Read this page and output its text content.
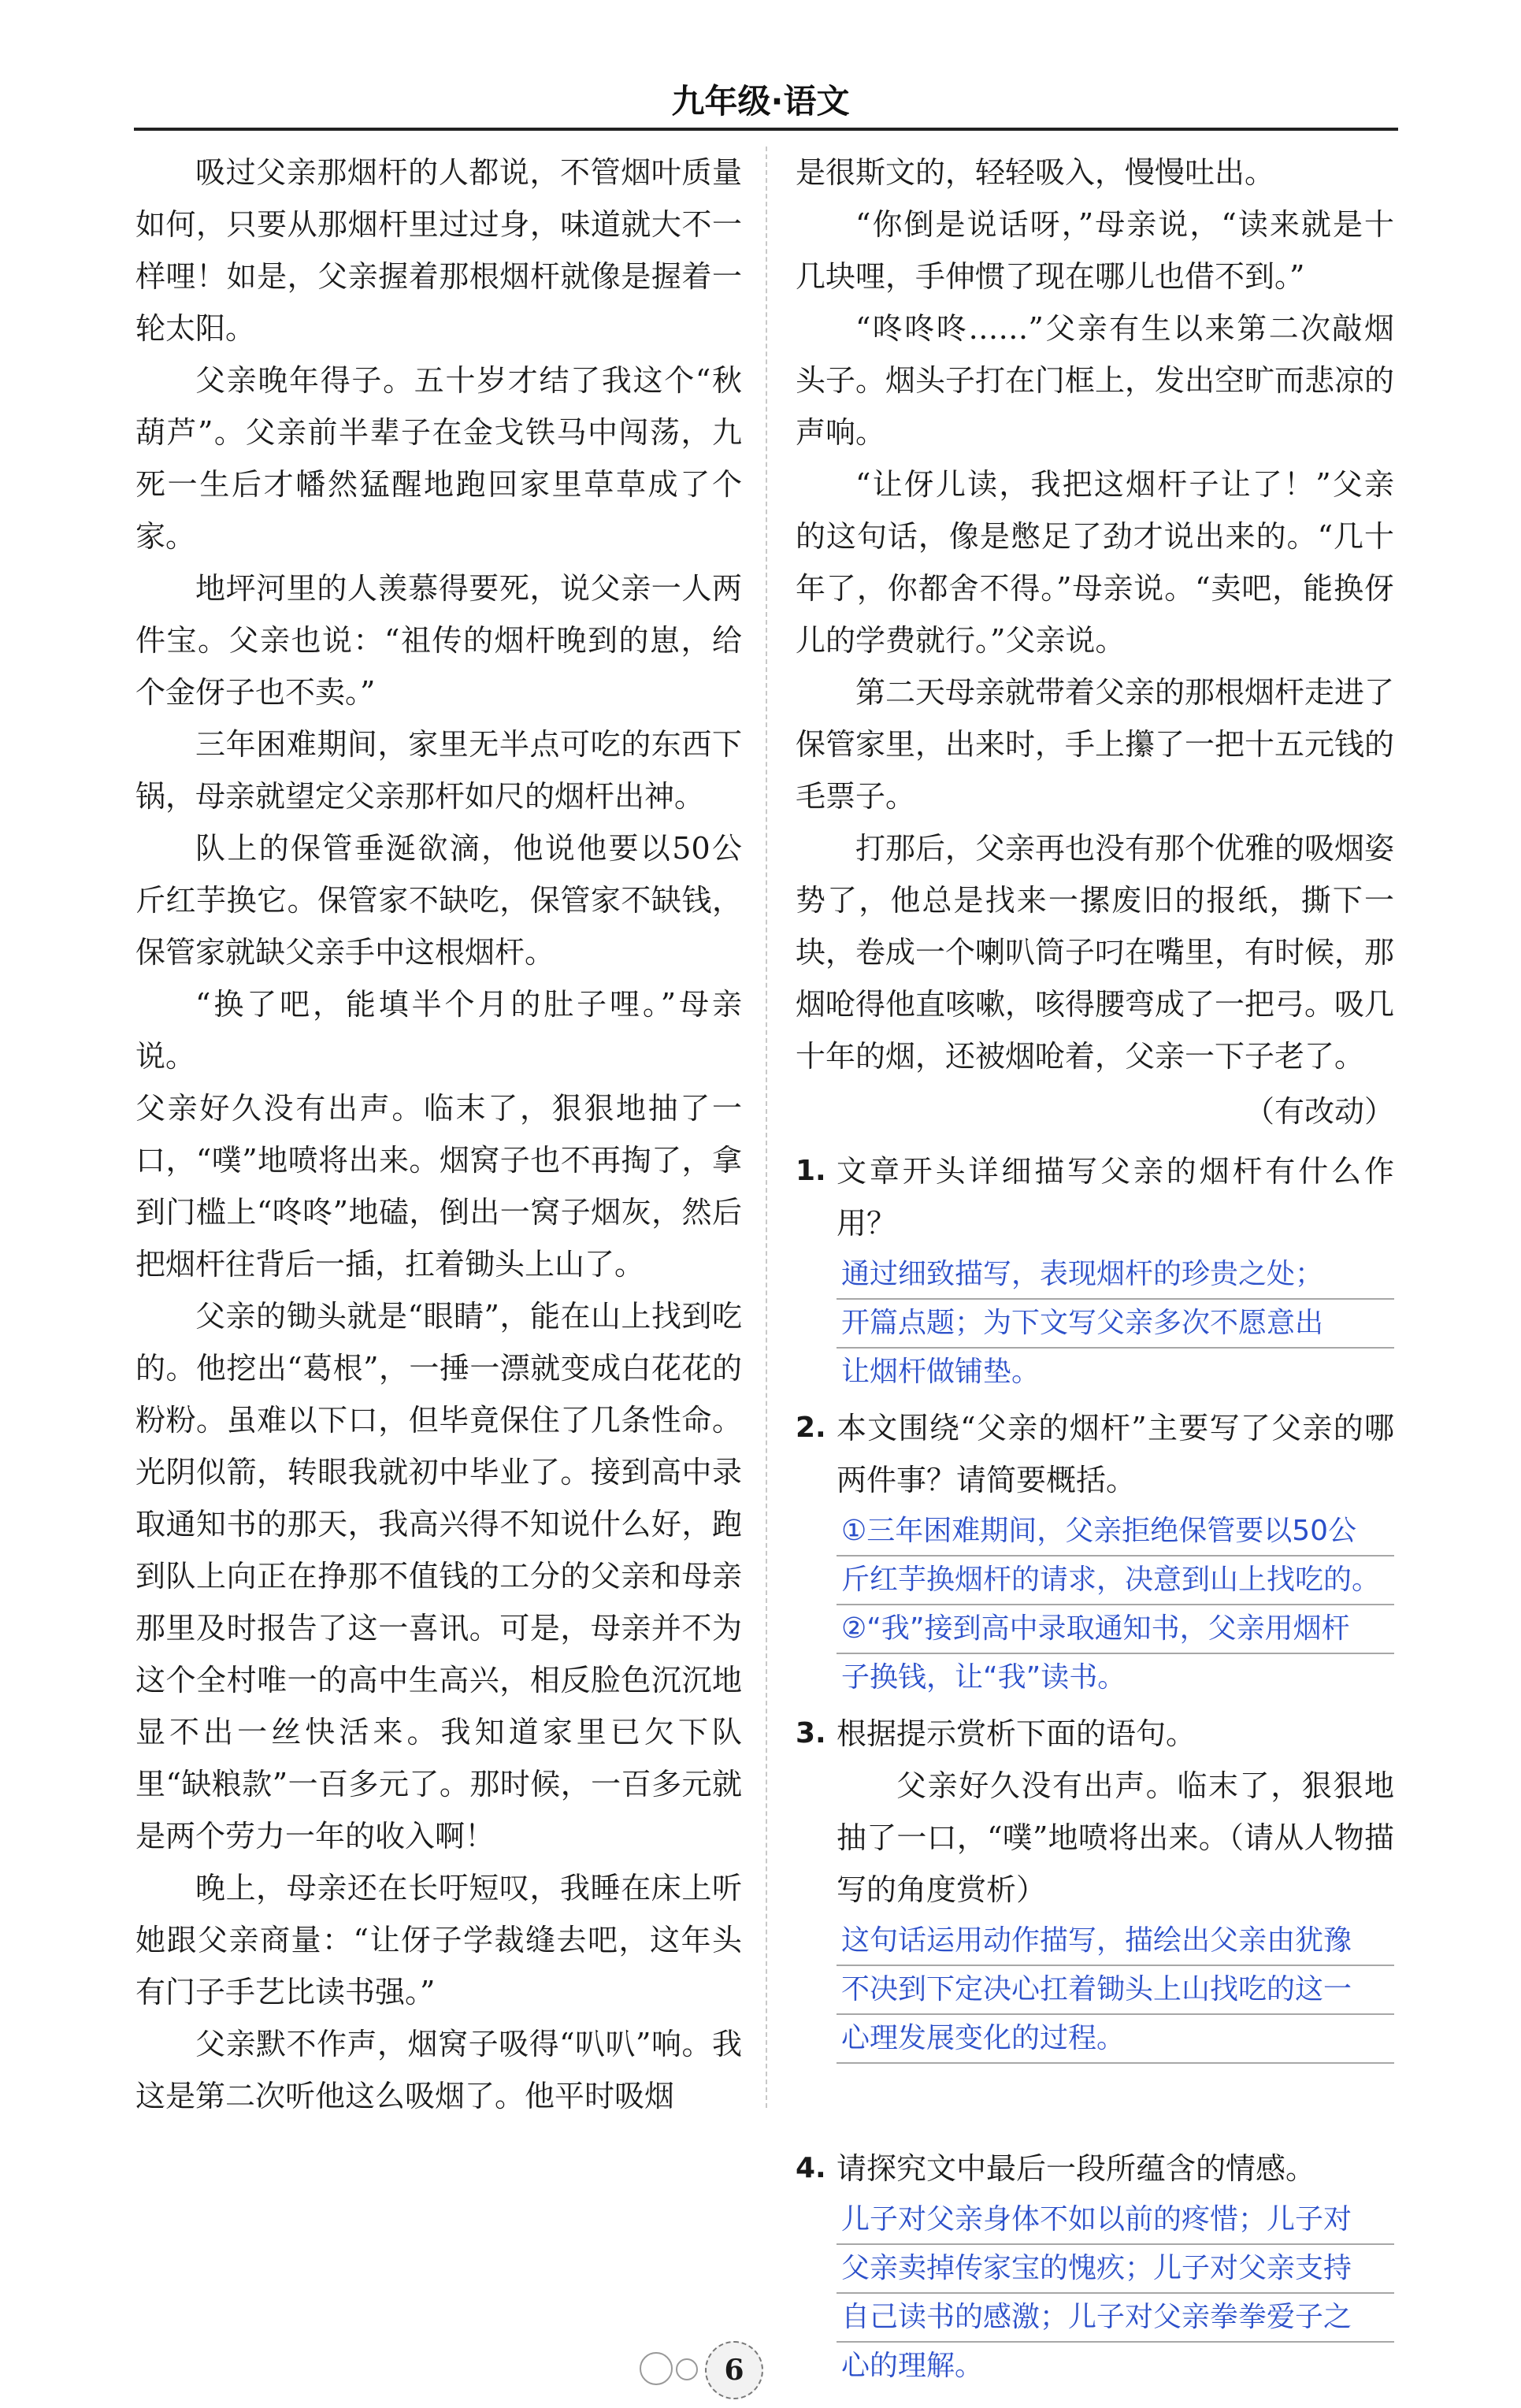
九年级·语文

吸过父亲那烟杆的人都说，不管烟叶质量如何，只要从那烟杆里过过身，味道就大不一样哩！如是，父亲握着那根烟杆就像是握着一轮太阳。

父亲晚年得子。五十岁才结了我这个“秋葫芦”。父亲前半辈子在金戈铁马中闯荡，九死一生后才幡然猛醒地跑回家里草草成了个家。

地坪河里的人羡慕得要死，说父亲一人两件宝。父亲也说：“祖传的烟杆晚到的崽，给个金伢子也不卖。”

三年困难期间，家里无半点可吃的东西下锅，母亲就望定父亲那杆如尺的烟杆出神。

队上的保管垂涎欲滴，他说他要以50公斤红芋换它。保管家不缺吃，保管家不缺钱，保管家就缺父亲手中这根烟杆。

“换了吧，能填半个月的肚子哩。”母亲说。

父亲好久没有出声。临末了，狠狠地抽了一口，“噗”地喷将出来。烟窝子也不再掏了，拿到门槛上“咚咚”地磕，倒出一窝子烟灰，然后把烟杆往背后一插，扛着锄头上山了。

父亲的锄头就是“眼睛”，能在山上找到吃的。他挖出“葛根”，一捶一漂就变成白花花的粉粉。虽难以下口，但毕竟保住了几条性命。光阴似箭，转眼我就初中毕业了。接到高中录取通知书的那天，我高兴得不知说什么好，跑到队上向正在挣那不值钱的工分的父亲和母亲那里及时报告了这一喜讯。可是，母亲并不为这个全村唯一的高中生高兴，相反脸色沉沉地显不出一丝快活来。我知道家里已欠下队里“缺粮款”一百多元了。那时候，一百多元就是两个劳力一年的收入啊！

晚上，母亲还在长吁短叹，我睡在床上听她跟父亲商量：“让伢子学裁缝去吧，这年头有门子手艺比读书强。”

父亲默不作声，烟窝子吸得“叭叭”响。我这是第二次听他这么吸烟了。他平时吸烟

是很斯文的，轻轻吸入，慢慢吐出。

“你倒是说话呀，”母亲说，“读来就是十几块哩，手伸惯了现在哪儿也借不到。”

“咚咚咚……”父亲有生以来第二次敲烟头子。烟头子打在门框上，发出空旷而悲凉的声响。

“让伢儿读，我把这烟杆子让了！”父亲的这句话，像是憋足了劲才说出来的。“几十年了，你都舍不得。”母亲说。“卖吧，能换伢儿的学费就行。”父亲说。

第二天母亲就带着父亲的那根烟杆走进了保管家里，出来时，手上攥了一把十五元钱的毛票子。

打那后，父亲再也没有那个优雅的吸烟姿势了，他总是找来一摞废旧的报纸，撕下一块，卷成一个喇叭筒子叼在嘴里，有时候，那烟呛得他直咳嗽，咳得腰弯成了一把弓。吸几十年的烟，还被烟呛着，父亲一下子老了。

（有改动）
1. 文章开头详细描写父亲的烟杆有什么作用？

通过细致描写，表现烟杆的珍贵之处；
开篇点题；为下文写父亲多次不愿意出
让烟杆做铺垫。
2. 本文围绕“父亲的烟杆”主要写了父亲的哪两件事？请简要概括。

①三年困难期间，父亲拒绝保管要以50公
斤红芋换烟杆的请求，决意到山上找吃的。
②“我”接到高中录取通知书，父亲用烟杆
子换钱，让“我”读书。
3. 根据提示赏析下面的语句。

父亲好久没有出声。临末了，狠狠地抽了一口，“噗”地喷将出来。（请从人物描写的角度赏析）

这句话运用动作描写，描绘出父亲由犹豫
不决到下定决心扛着锄头上山找吃的这一
心理发展变化的过程。
4. 请探究文中最后一段所蕴含的情感。

儿子对父亲身体不如以前的疼惜；儿子对
父亲卖掉传家宝的愧疚；儿子对父亲支持
自己读书的感激；儿子对父亲拳拳爱子之
心的理解。
6
